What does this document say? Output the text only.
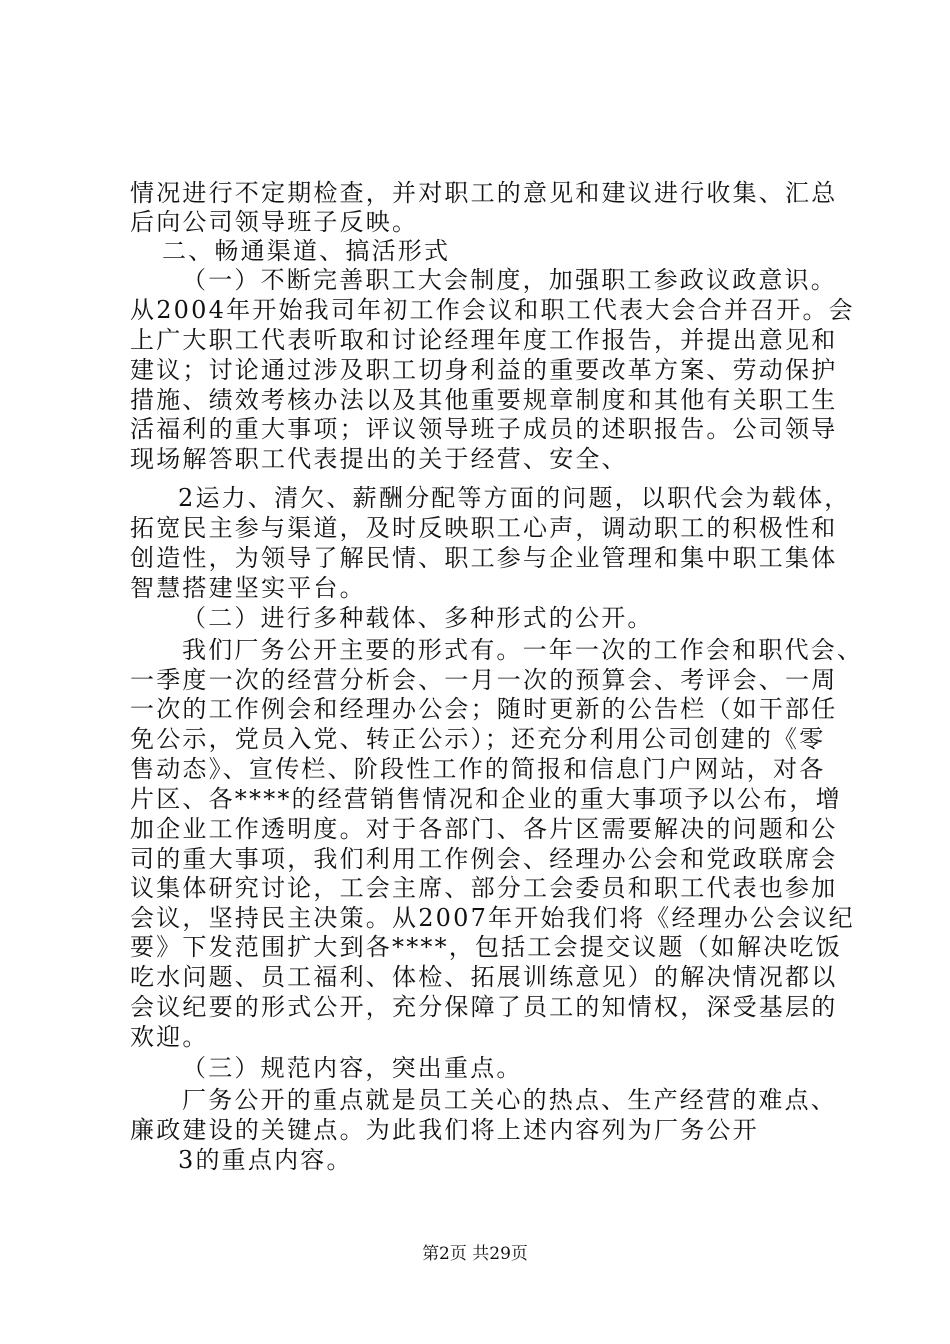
情况进行不定期检查，并对职工的意见和建议进行收集、汇总
后向公司领导班子反映。
二、畅通渠道、搞活形式
（一）不断完善职工大会制度，加强职工参政议政意识。
从2004年开始我司年初工作会议和职工代表大会合并召开。会
上广大职工代表听取和讨论经理年度工作报告，并提出意见和
建议；讨论通过涉及职工切身利益的重要改革方案、劳动保护
措施、绩效考核办法以及其他重要规章制度和其他有关职工生
活福利的重大事项；评议领导班子成员的述职报告。公司领导
现场解答职工代表提出的关于经营、安全、
2运力、清欠、薪酬分配等方面的问题，以职代会为载体，
拓宽民主参与渠道，及时反映职工心声，调动职工的积极性和
创造性，为领导了解民情、职工参与企业管理和集中职工集体
智慧搭建坚实平台。
（二）进行多种载体、多种形式的公开。
我们厂务公开主要的形式有。一年一次的工作会和职代会、
一季度一次的经营分析会、一月一次的预算会、考评会、一周
一次的工作例会和经理办公会；随时更新的公告栏（如干部任
免公示，党员入党、转正公示）；还充分利用公司创建的《零
售动态》、宣传栏、阶段性工作的简报和信息门户网站，对各
片区、各****的经营销售情况和企业的重大事项予以公布，增
加企业工作透明度。对于各部门、各片区需要解决的问题和公
司的重大事项，我们利用工作例会、经理办公会和党政联席会
议集体研究讨论，工会主席、部分工会委员和职工代表也参加
会议，坚持民主决策。从2007年开始我们将《经理办公会议纪
要》下发范围扩大到各****，包括工会提交议题（如解决吃饭
吃水问题、员工福利、体检、拓展训练意见）的解决情况都以
会议纪要的形式公开，充分保障了员工的知情权，深受基层的
欢迎。
（三）规范内容，突出重点。
厂务公开的重点就是员工关心的热点、生产经营的难点、
廉政建设的关键点。为此我们将上述内容列为厂务公开
3的重点内容。
第2页 共29页
